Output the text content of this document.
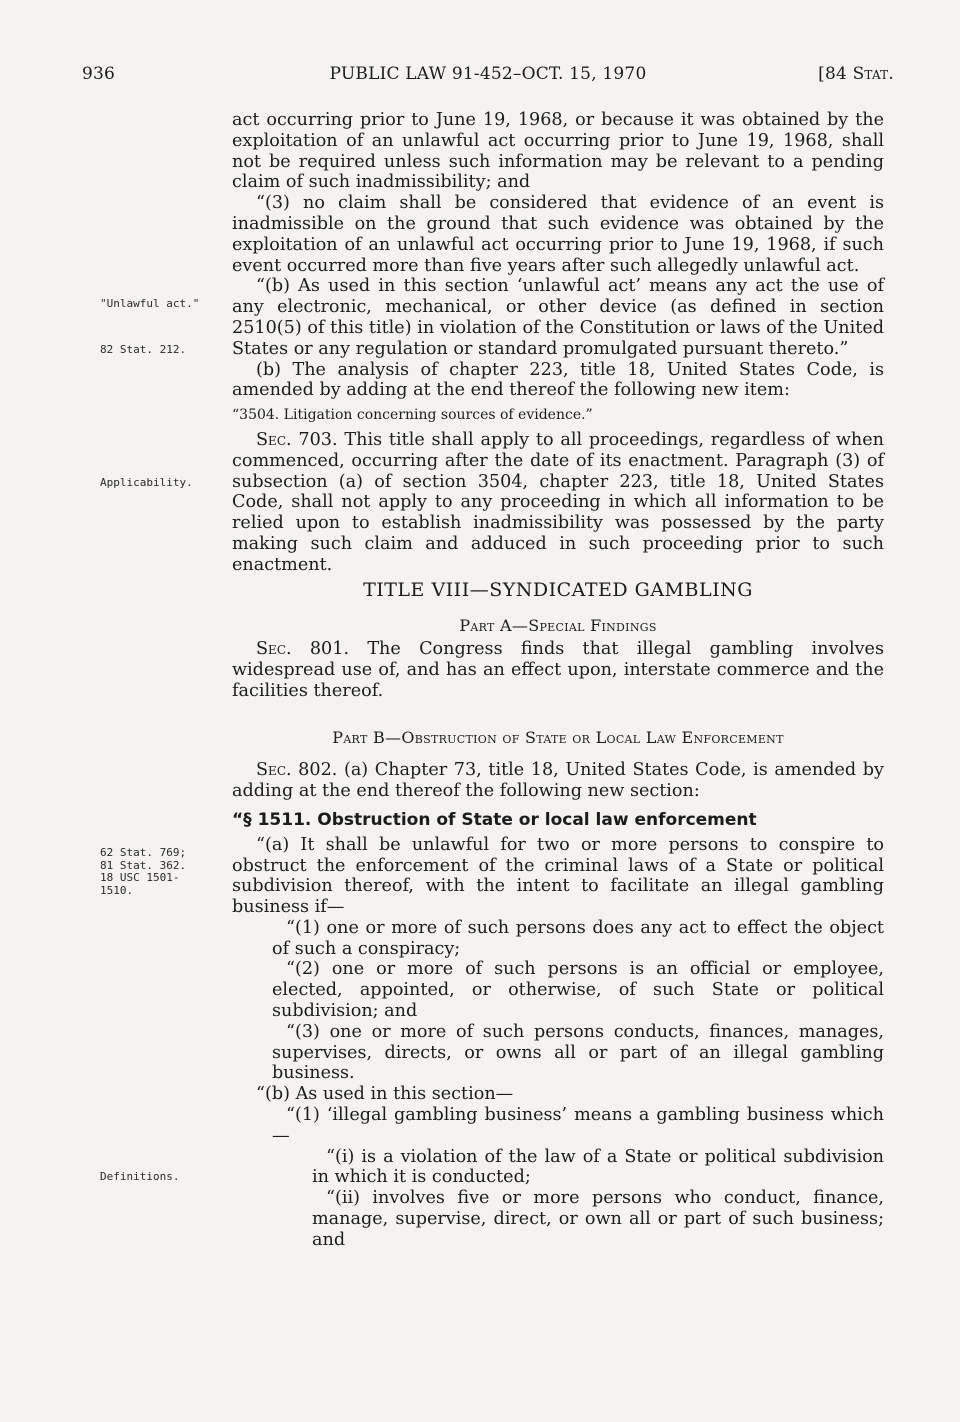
936	PUBLIC LAW 91-452–OCT. 15, 1970	[84 Stat.
"Unlawful act."
82 Stat. 212.
Applicability.
62 Stat. 769;
81 Stat. 362.
18 USC 1501-
1510.
Definitions.

act occurring prior to June 19, 1968, or because it was obtained by the exploitation of an unlawful act occurring prior to June 19, 1968, shall not be required unless such information may be relevant to a pending claim of such inadmissibility; and

“(3) no claim shall be considered that evidence of an event is inadmissible on the ground that such evidence was obtained by the exploitation of an unlawful act occurring prior to June 19, 1968, if such event occurred more than five years after such allegedly unlawful act.

“(b) As used in this section ‘unlawful act’ means any act the use of any electronic, mechanical, or other device (as defined in section 2510(5) of this title) in violation of the Constitution or laws of the United States or any regulation or standard promulgated pursuant thereto.”

(b) The analysis of chapter 223, title 18, United States Code, is amended by adding at the end thereof the following new item:

“3504. Litigation concerning sources of evidence.”

Sec. 703. This title shall apply to all proceedings, regardless of when commenced, occurring after the date of its enactment. Paragraph (3) of subsection (a) of section 3504, chapter 223, title 18, United States Code, shall not apply to any proceeding in which all information to be relied upon to establish inadmissibility was possessed by the party making such claim and adduced in such proceeding prior to such enactment.

TITLE VIII—SYNDICATED GAMBLING

Part A—Special Findings

Sec. 801. The Congress finds that illegal gambling involves widespread use of, and has an effect upon, interstate commerce and the facilities thereof.

Part B—Obstruction of State or Local Law Enforcement

Sec. 802. (a) Chapter 73, title 18, United States Code, is amended by adding at the end thereof the following new section:

“§ 1511. Obstruction of State or local law enforcement

“(a) It shall be unlawful for two or more persons to conspire to obstruct the enforcement of the criminal laws of a State or political subdivision thereof, with the intent to facilitate an illegal gambling business if—

“(1) one or more of such persons does any act to effect the object of such a conspiracy;

“(2) one or more of such persons is an official or employee, elected, appointed, or otherwise, of such State or political subdivision; and

“(3) one or more of such persons conducts, finances, manages, supervises, directs, or owns all or part of an illegal gambling business.

“(b) As used in this section—

“(1) ‘illegal gambling business’ means a gambling business which—

“(i) is a violation of the law of a State or political subdivision in which it is conducted;

“(ii) involves five or more persons who conduct, finance, manage, supervise, direct, or own all or part of such business; and
